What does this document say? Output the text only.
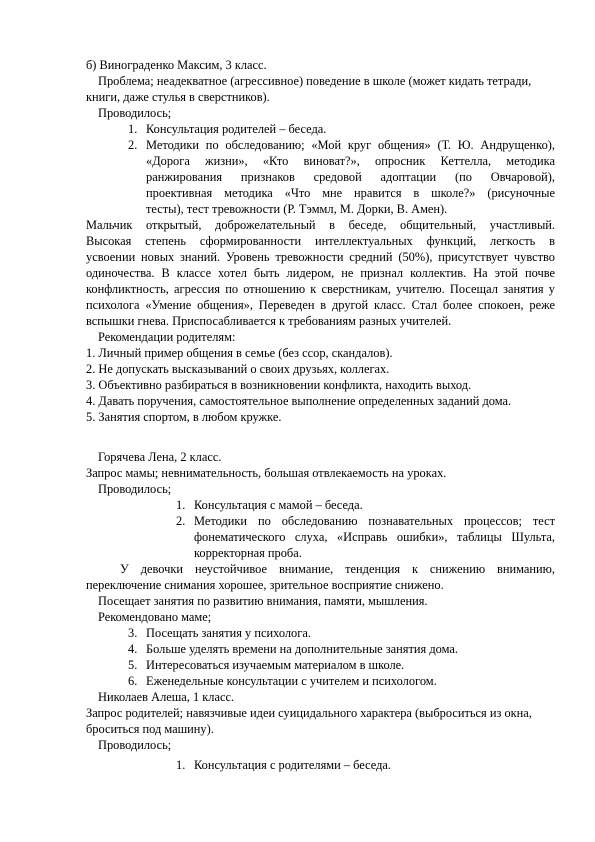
б) Винограденко Максим, 3 класс.
Проблема; неадекватное (агрессивное) поведение в школе (может кидать тетради,
книги, даже стулья в сверстников).
Проводилось;
1. Консультация родителей – беседа.
2. Методики по обследованию; «Мой круг общения» (Т. Ю. Андрущенко),
«Дорога жизни», «Кто виноват?», опросник Кеттелла, методика
ранжирования признаков средовой адоптации (по Овчаровой),
проективная методика «Что мне нравится в школе?» (рисуночные
тесты), тест тревожности (Р. Тэммл, М. Дорки, В. Амен).
Мальчик открытый, доброжелательный в беседе, общительный, участливый.
Высокая степень сформированности интеллектуальных функций, легкость в
усвоении новых знаний. Уровень тревожности средний (50%), присутствует чувство
одиночества. В классе хотел быть лидером, не признал коллектив. На этой почве
конфликтность, агрессия по отношению к сверстникам, учителю. Посещал занятия у
психолога «Умение общения», Переведен в другой класс. Стал более спокоен, реже
вспышки гнева. Приспосабливается к требованиям разных учителей.
Рекомендации родителям:
1. Личный пример общения в семье (без ссор, скандалов).
2. Не допускать высказываний о своих друзьях, коллегах.
3. Объективно разбираться в возникновении конфликта, находить выход.
4. Давать поручения, самостоятельное выполнение определенных заданий дома.
5. Занятия спортом, в любом кружке.
Горячева Лена, 2 класс.
Запрос мамы; невнимательность, большая отвлекаемость на уроках.
Проводилось;
1. Консультация с мамой – беседа.
2. Методики по обследованию познавательных процессов; тест
фонематического слуха, «Исправь ошибки», таблицы Шульта,
корректорная проба.
У девочки неустойчивое внимание, тенденция к снижению вниманию,
переключение снимания хорошее, зрительное восприятие снижено.
Посещает занятия по развитию внимания, памяти, мышления.
Рекомендовано маме;
3. Посещать занятия у психолога.
4. Больше уделять времени на дополнительные занятия дома.
5. Интересоваться изучаемым материалом в школе.
6. Еженедельные консультации с учителем и психологом.
Николаев Алеша, 1 класс.
Запрос родителей; навязчивые идеи суицидального характера (выброситься из окна,
броситься под машину).
Проводилось;
1. Консультация с родителями – беседа.
